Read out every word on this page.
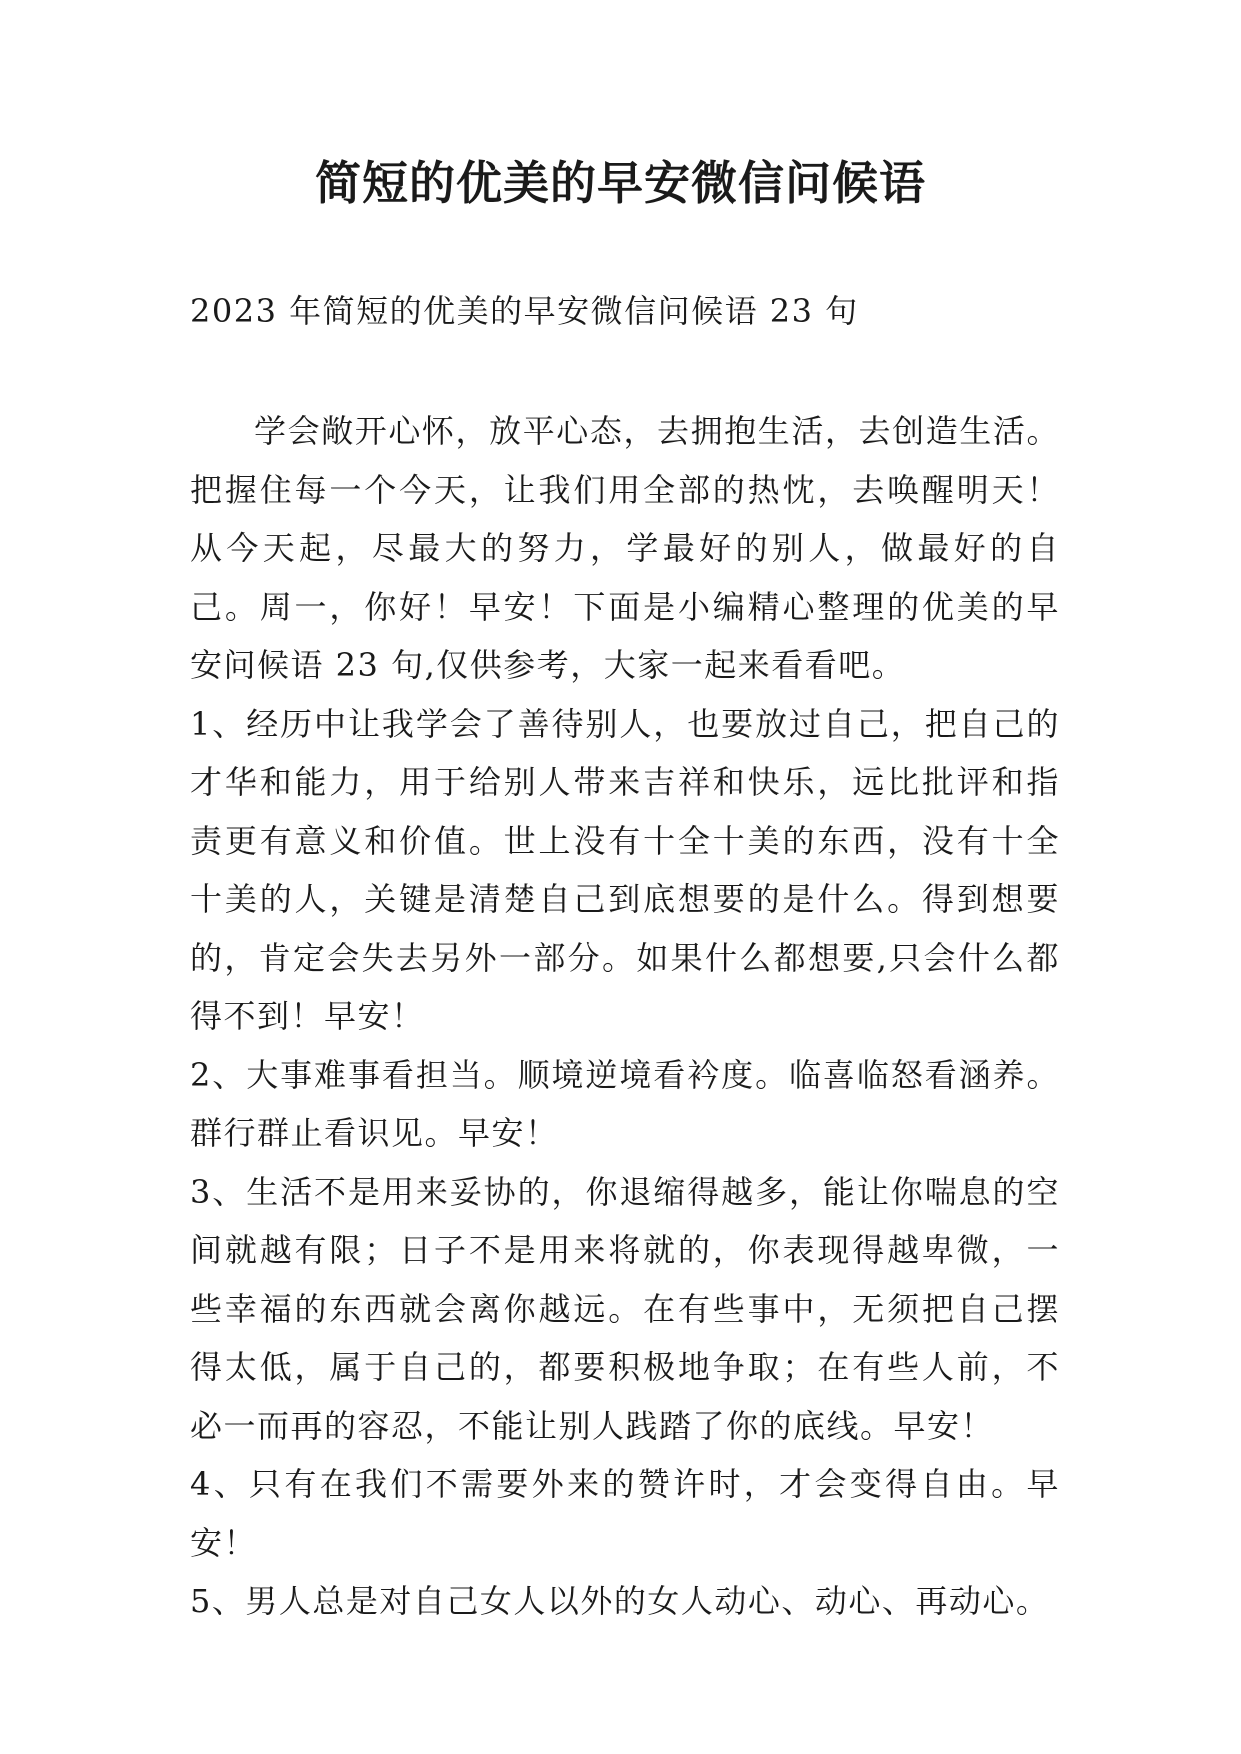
简短的优美的早安微信问候语

2023 年简短的优美的早安微信问候语 23 句

学会敞开心怀，放平心态，去拥抱生活，去创造生活。把握住每一个今天，让我们用全部的热忱，去唤醒明天！从今天起，尽最大的努力，学最好的别人，做最好的自己。周一，你好！早安！下面是小编精心整理的优美的早安问候语 23 句,仅供参考，大家一起来看看吧。

1、经历中让我学会了善待别人，也要放过自己，把自己的才华和能力，用于给别人带来吉祥和快乐，远比批评和指责更有意义和价值。世上没有十全十美的东西，没有十全十美的人，关键是清楚自己到底想要的是什么。得到想要的，肯定会失去另外一部分。如果什么都想要,只会什么都得不到！早安！

2、大事难事看担当。顺境逆境看衿度。临喜临怒看涵养。群行群止看识见。早安！

3、生活不是用来妥协的，你退缩得越多，能让你喘息的空间就越有限；日子不是用来将就的，你表现得越卑微，一些幸福的东西就会离你越远。在有些事中，无须把自己摆得太低，属于自己的，都要积极地争取；在有些人前，不必一而再的容忍，不能让别人践踏了你的底线。早安！

4、只有在我们不需要外来的赞许时，才会变得自由。早安！

5、男人总是对自己女人以外的女人动心、动心、再动心。
